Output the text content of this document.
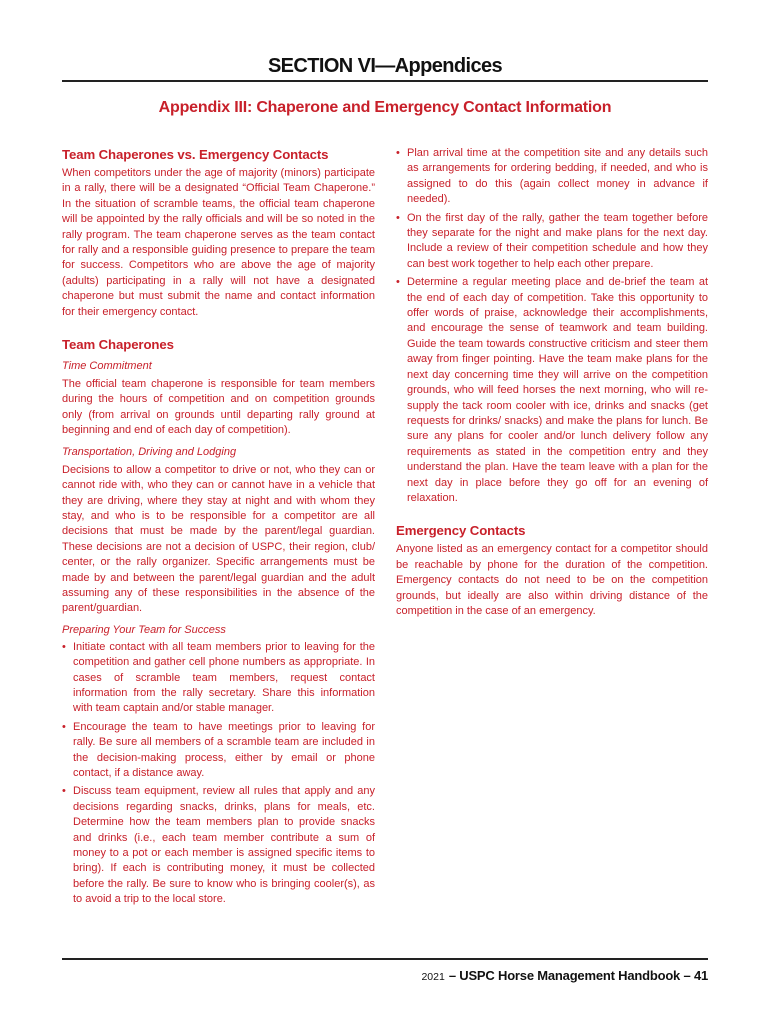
SECTION VI—Appendices
Appendix III: Chaperone and Emergency Contact Information
Team Chaperones vs. Emergency Contacts
When competitors under the age of majority (minors) participate in a rally, there will be a designated “Official Team Chaperone.” In the situation of scramble teams, the official team chaperone will be appointed by the rally officials and will be so noted in the rally program. The team chaperone serves as the team contact for rally and a responsible guiding presence to prepare the team for success. Competitors who are above the age of majority (adults) participating in a rally will not have a designated chaperone but must submit the name and contact information for their emergency contact.
Team Chaperones
Time Commitment
The official team chaperone is responsible for team members during the hours of competition and on competition grounds only (from arrival on grounds until departing rally ground at beginning and end of each day of competition).
Transportation, Driving and Lodging
Decisions to allow a competitor to drive or not, who they can or cannot ride with, who they can or cannot have in a vehicle that they are driving, where they stay at night and with whom they stay, and who is to be responsible for a competitor are all decisions that must be made by the parent/legal guardian. These decisions are not a decision of USPC, their region, club/ center, or the rally organizer. Specific arrangements must be made by and between the parent/legal guardian and the adult assuming any of these responsibilities in the absence of the parent/guardian.
Preparing Your Team for Success
• Initiate contact with all team members prior to leaving for the competition and gather cell phone numbers as appropriate. In cases of scramble team members, request contact information from the rally secretary. Share this information with team captain and/or stable manager.
• Encourage the team to have meetings prior to leaving for rally. Be sure all members of a scramble team are included in the decision-making process, either by email or phone contact, if a distance away.
• Discuss team equipment, review all rules that apply and any decisions regarding snacks, drinks, plans for meals, etc. Determine how the team members plan to provide snacks and drinks (i.e., each team member contribute a sum of money to a pot or each member is assigned specific items to bring). If each is contributing money, it must be collected before the rally. Be sure to know who is bringing cooler(s), as to avoid a trip to the local store.
• Plan arrival time at the competition site and any details such as arrangements for ordering bedding, if needed, and who is assigned to do this (again collect money in advance if needed).
• On the first day of the rally, gather the team together before they separate for the night and make plans for the next day. Include a review of their competition schedule and how they can best work together to help each other prepare.
• Determine a regular meeting place and de-brief the team at the end of each day of competition. Take this opportunity to offer words of praise, acknowledge their accomplishments, and encourage the sense of teamwork and team building. Guide the team towards constructive criticism and steer them away from finger pointing. Have the team make plans for the next day concerning time they will arrive on the competition grounds, who will feed horses the next morning, who will re-supply the tack room cooler with ice, drinks and snacks (get requests for drinks/ snacks) and make the plans for lunch. Be sure any plans for cooler and/or lunch delivery follow any requirements as stated in the competition entry and they understand the plan. Have the team leave with a plan for the next day in place before they go off for an evening of relaxation.
Emergency Contacts
Anyone listed as an emergency contact for a competitor should be reachable by phone for the duration of the competition. Emergency contacts do not need to be on the competition grounds, but ideally are also within driving distance of the competition in the case of an emergency.
2021 – USPC Horse Management Handbook – 41
